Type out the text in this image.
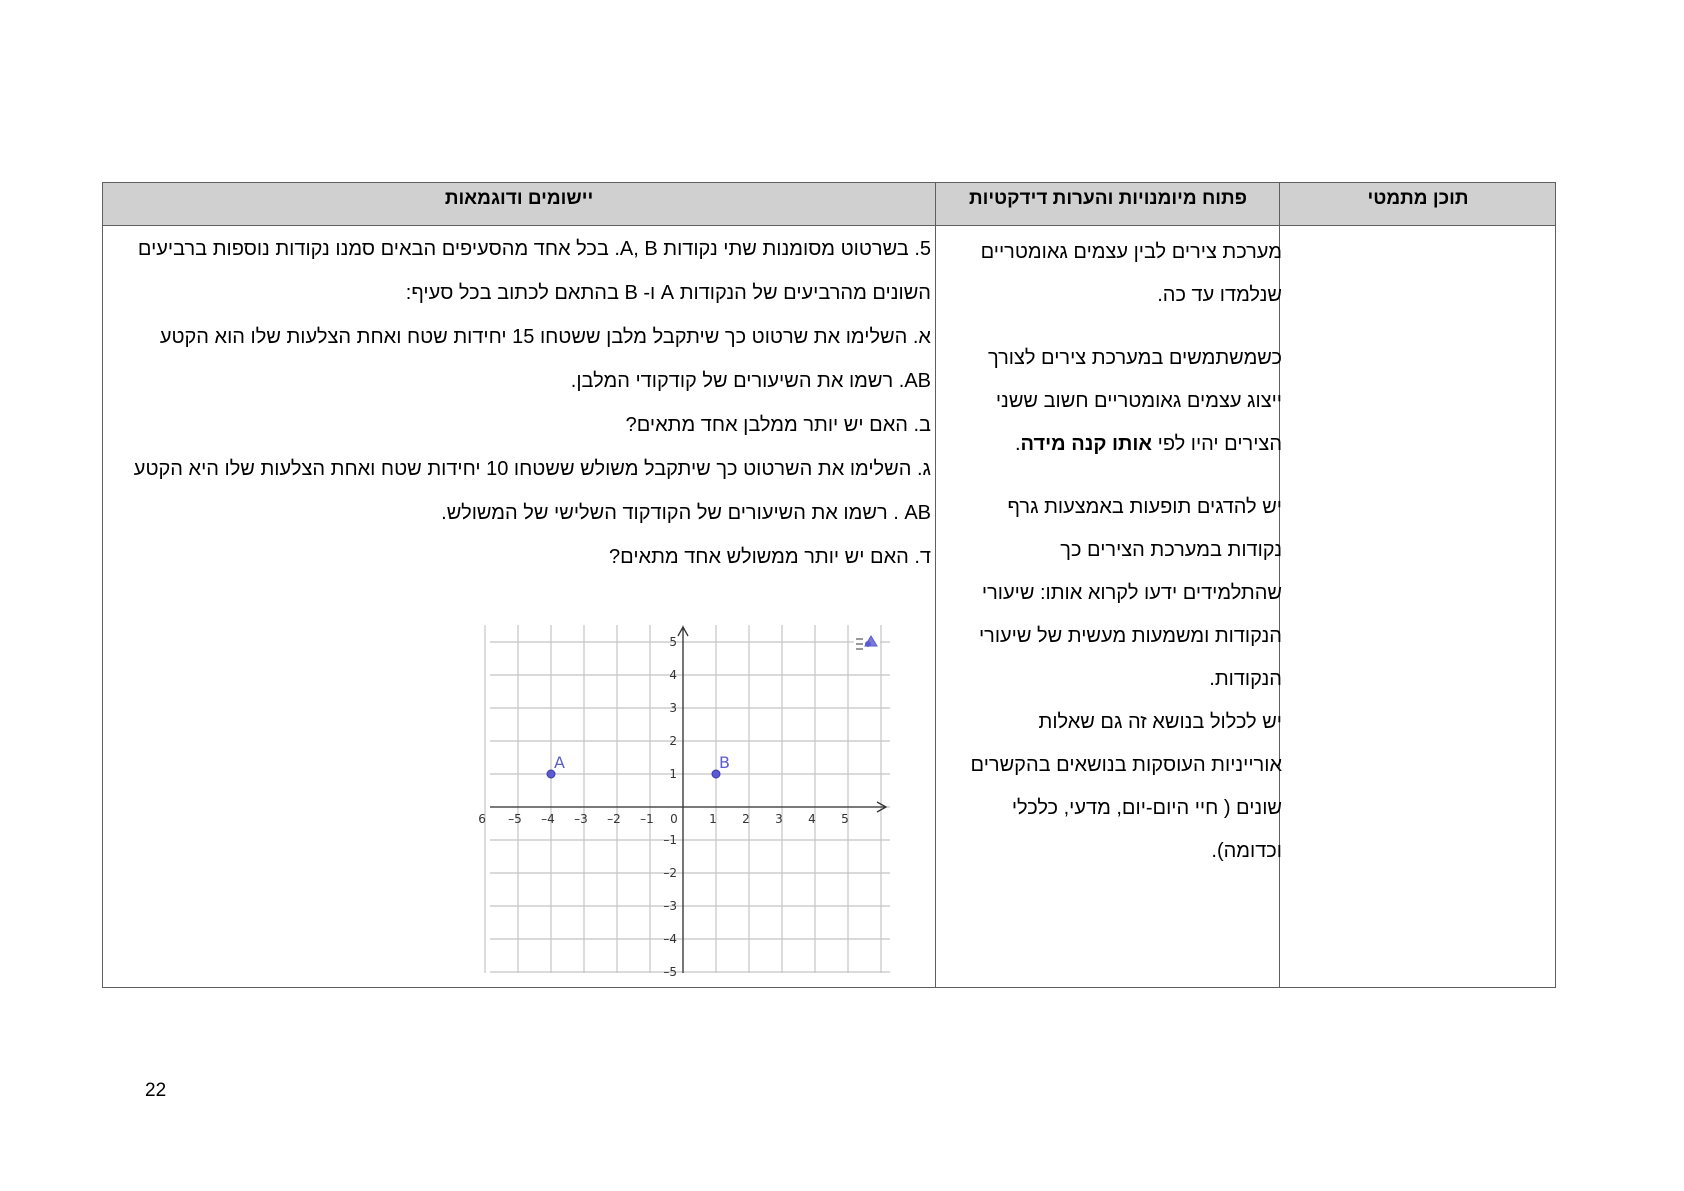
תוכן מתמטי
פתוח מיומנויות והערות דידקטיות
יישומים ודוגמאות

מערכת צירים לבין עצמים גאומטריים

שנלמדו עד כה.

כשמשתמשים במערכת צירים לצורך

ייצוג עצמים גאומטריים חשוב ששני

הצירים יהיו לפי אותו קנה מידה.

יש להדגים תופעות באמצעות גרף

נקודות במערכת הצירים כך

שהתלמידים ידעו לקרוא אותו: שיעורי

הנקודות ומשמעות מעשית של שיעורי

הנקודות.

יש לכלול בנושא זה גם שאלות

אורייניות העוסקות בנושאים בהקשרים

שונים ( חיי היום-יום, מדעי, כלכלי

וכדומה).

5. בשרטוט מסומנות שתי נקודות A, B. בכל אחד מהסעיפים הבאים סמנו נקודות נוספות ברביעים

השונים מהרביעים של הנקודות A ו- B בהתאם לכתוב בכל סעיף:

א. השלימו את שרטוט כך שיתקבל מלבן ששטחו 15 יחידות שטח ואחת הצלעות שלו הוא הקטע

AB. רשמו את השיעורים של קודקודי המלבן.

ב. האם יש יותר ממלבן אחד מתאים?

ג. השלימו את השרטוט כך שיתקבל משולש ששטחו 10 יחידות שטח ואחת הצלעות שלו היא הקטע

AB . רשמו את השיעורים של הקודקוד השלישי של המשולש.

ד. האם יש יותר ממשולש אחד מתאים?

6 –5 –4 –3 –2 –1 0	1 2 3 4 5
5
4
3
2
1
–1
–2
–3
–4
–5
A	B
22
